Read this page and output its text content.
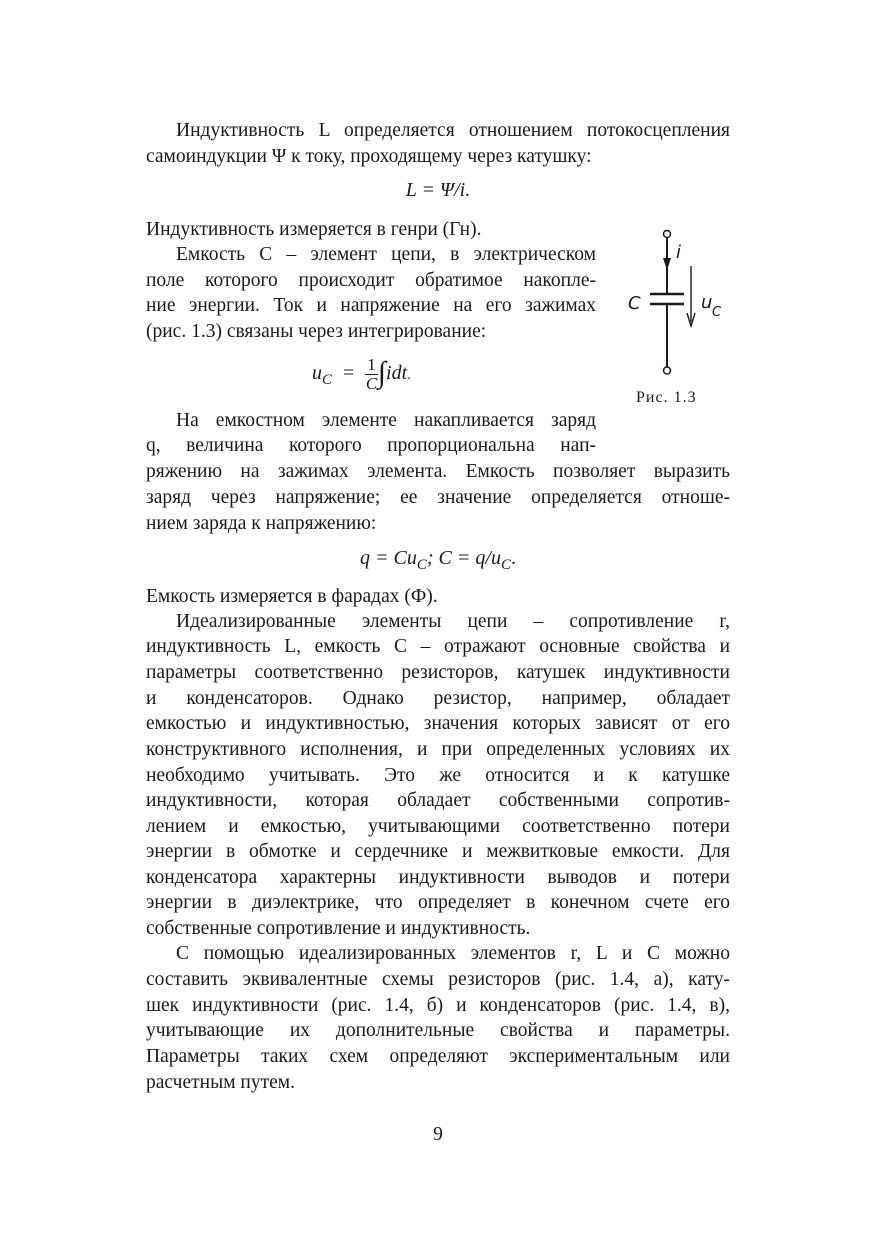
Индуктивность L определяется отношением потокосцепления
самоиндукции Ψ к току, проходящему через катушку:
L = Ψ/i.
Индуктивность измеряется в генри (Гн).
Емкость C – элемент цепи, в электрическом
поле которого происходит обратимое накопле-
ние энергии. Ток и напряжение на его зажимах
(рис. 1.3) связаны через интегрирование:
$u_C = \frac{1}{C} \int idt$.
i
C	u C
Рис. 1.3
На емкостном элементе накапливается заряд
q, величина которого пропорциональна нап-
ряжению на зажимах элемента. Емкость позволяет выразить
заряд через напряжение; ее значение определяется отноше-
нием заряда к напряжению:
$q = Cu_C$; $C = q/u_C$.
Емкость измеряется в фарадах (Ф).
Идеализированные элементы цепи – сопротивление r,
индуктивность L, емкость C – отражают основные свойства и
параметры соответственно резисторов, катушек индуктивности
и конденсаторов. Однако резистор, например, обладает
емкостью и индуктивностью, значения которых зависят от его
конструктивного исполнения, и при определенных условиях их
необходимо учитывать. Это же относится и к катушке
индуктивности, которая обладает собственными сопротив-
лением и емкостью, учитывающими соответственно потери
энергии в обмотке и сердечнике и межвитковые емкости. Для
конденсатора характерны индуктивности выводов и потери
энергии в диэлектрике, что определяет в конечном счете его
собственные сопротивление и индуктивность.
С помощью идеализированных элементов r, L и C можно
составить эквивалентные схемы резисторов (рис. 1.4, а), кату-
шек индуктивности (рис. 1.4, б) и конденсаторов (рис. 1.4, в),
учитывающие их дополнительные свойства и параметры.
Параметры таких схем определяют экспериментальным или
расчетным путем.
9
